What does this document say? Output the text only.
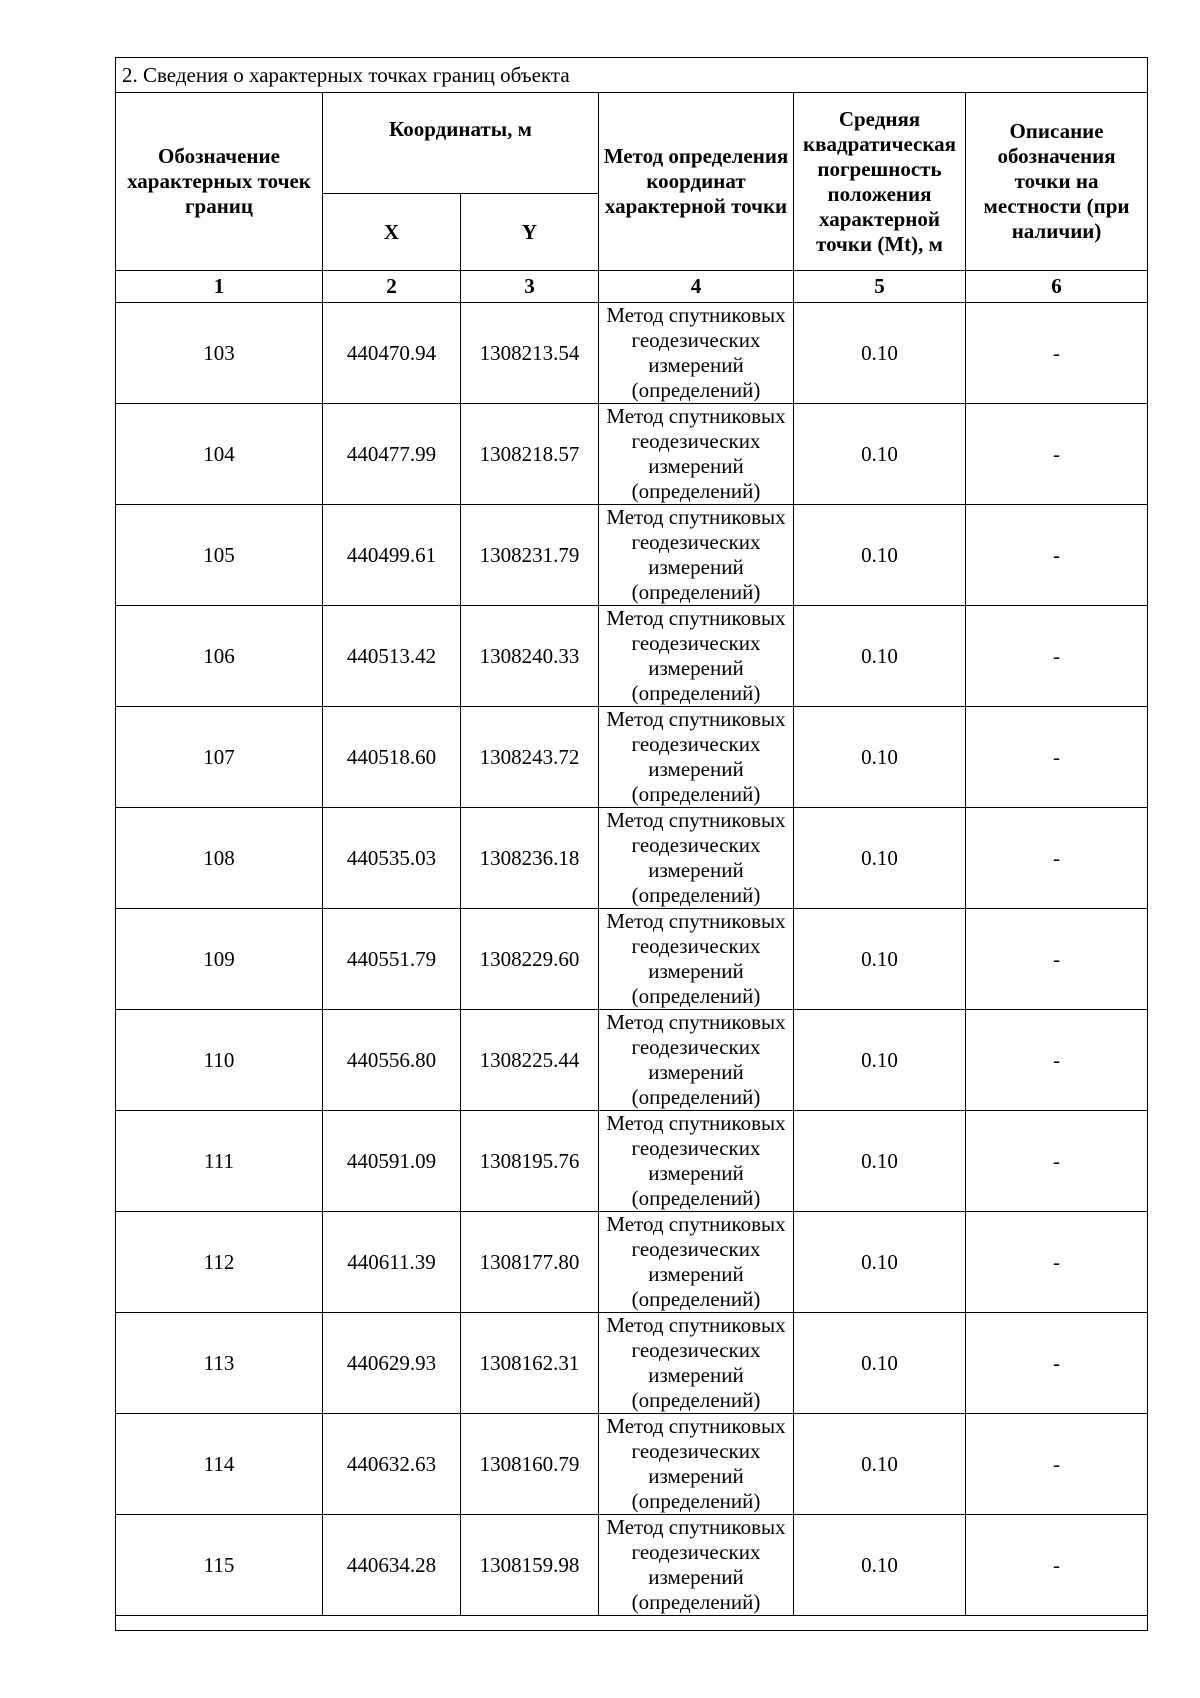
2. Сведения о характерных точках границ объекта					
Обозначение характерных точек границ	Координаты, м		Метод определения координат характерной точки	Средняя квадратическая погрешность положения характерной точки (Mt), м	Описание обозначения точки на местности (при наличии)
	X	Y			
1	2	3	4	5	6
103	440470.94	1308213.54	Метод спутниковых геодезических измерений (определений)	0.10	-
104	440477.99	1308218.57	Метод спутниковых геодезических измерений (определений)	0.10	-
105	440499.61	1308231.79	Метод спутниковых геодезических измерений (определений)	0.10	-
106	440513.42	1308240.33	Метод спутниковых геодезических измерений (определений)	0.10	-
107	440518.60	1308243.72	Метод спутниковых геодезических измерений (определений)	0.10	-
108	440535.03	1308236.18	Метод спутниковых геодезических измерений (определений)	0.10	-
109	440551.79	1308229.60	Метод спутниковых геодезических измерений (определений)	0.10	-
110	440556.80	1308225.44	Метод спутниковых геодезических измерений (определений)	0.10	-
111	440591.09	1308195.76	Метод спутниковых геодезических измерений (определений)	0.10	-
112	440611.39	1308177.80	Метод спутниковых геодезических измерений (определений)	0.10	-
113	440629.93	1308162.31	Метод спутниковых геодезических измерений (определений)	0.10	-
114	440632.63	1308160.79	Метод спутниковых геодезических измерений (определений)	0.10	-
115	440634.28	1308159.98	Метод спутниковых геодезических измерений (определений)	0.10	-
